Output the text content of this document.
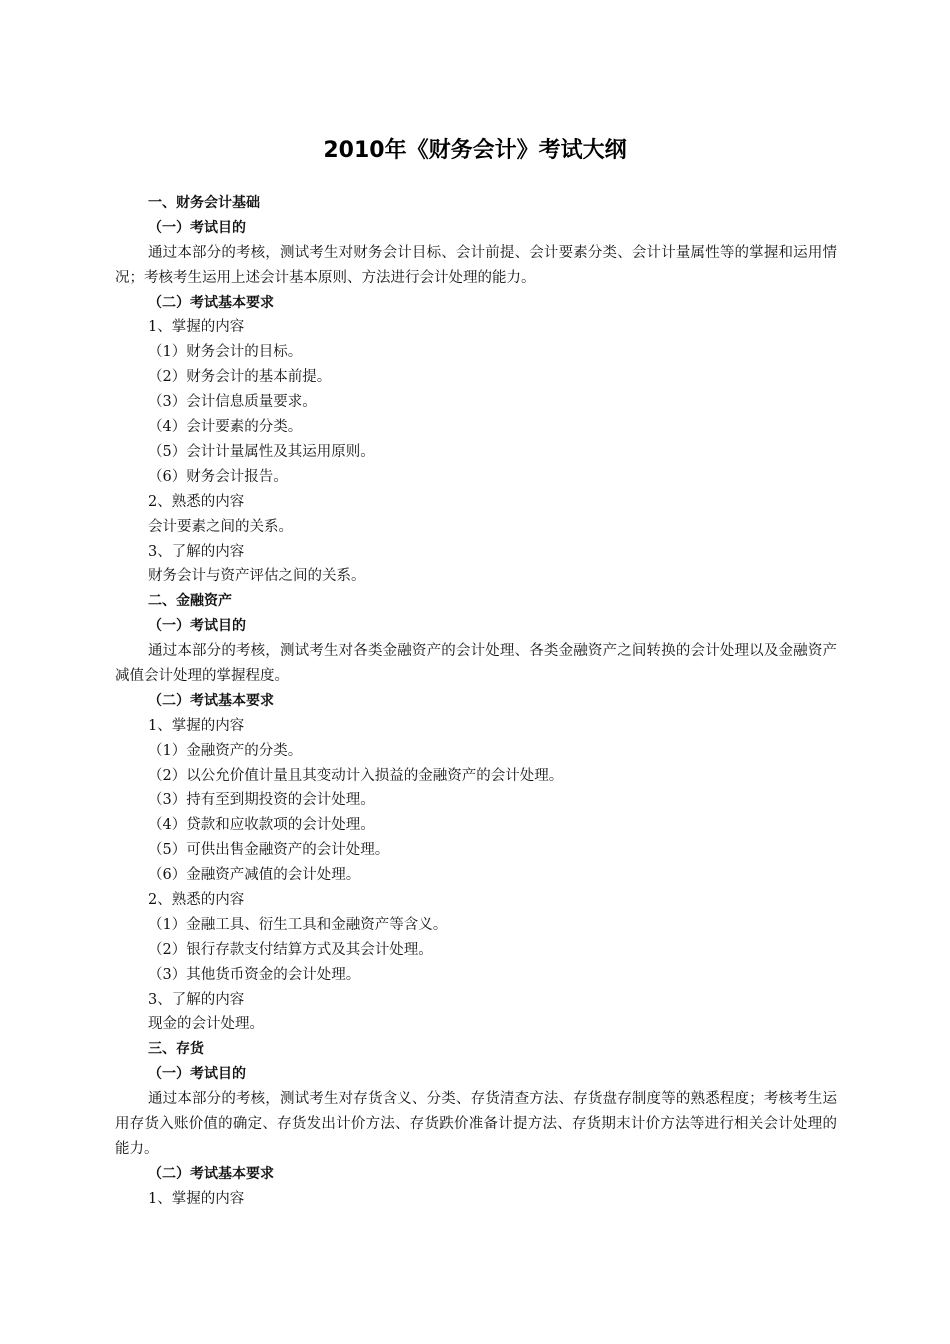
2010年《财务会计》考试大纲
一、财务会计基础
（一）考试目的
通过本部分的考核，测试考生对财务会计目标、会计前提、会计要素分类、会计计量属性等的掌握和运用情况；考核考生运用上述会计基本原则、方法进行会计处理的能力。
（二）考试基本要求
1、掌握的内容
（1）财务会计的目标。
（2）财务会计的基本前提。
（3）会计信息质量要求。
（4）会计要素的分类。
（5）会计计量属性及其运用原则。
（6）财务会计报告。
2、熟悉的内容
会计要素之间的关系。
3、了解的内容
财务会计与资产评估之间的关系。
二、金融资产
（一）考试目的
通过本部分的考核，测试考生对各类金融资产的会计处理、各类金融资产之间转换的会计处理以及金融资产减值会计处理的掌握程度。
（二）考试基本要求
1、掌握的内容
（1）金融资产的分类。
（2）以公允价值计量且其变动计入损益的金融资产的会计处理。
（3）持有至到期投资的会计处理。
（4）贷款和应收款项的会计处理。
（5）可供出售金融资产的会计处理。
（6）金融资产减值的会计处理。
2、熟悉的内容
（1）金融工具、衍生工具和金融资产等含义。
（2）银行存款支付结算方式及其会计处理。
（3）其他货币资金的会计处理。
3、了解的内容
现金的会计处理。
三、存货
（一）考试目的
通过本部分的考核，测试考生对存货含义、分类、存货清查方法、存货盘存制度等的熟悉程度；考核考生运用存货入账价值的确定、存货发出计价方法、存货跌价准备计提方法、存货期末计价方法等进行相关会计处理的能力。
（二）考试基本要求
1、掌握的内容
